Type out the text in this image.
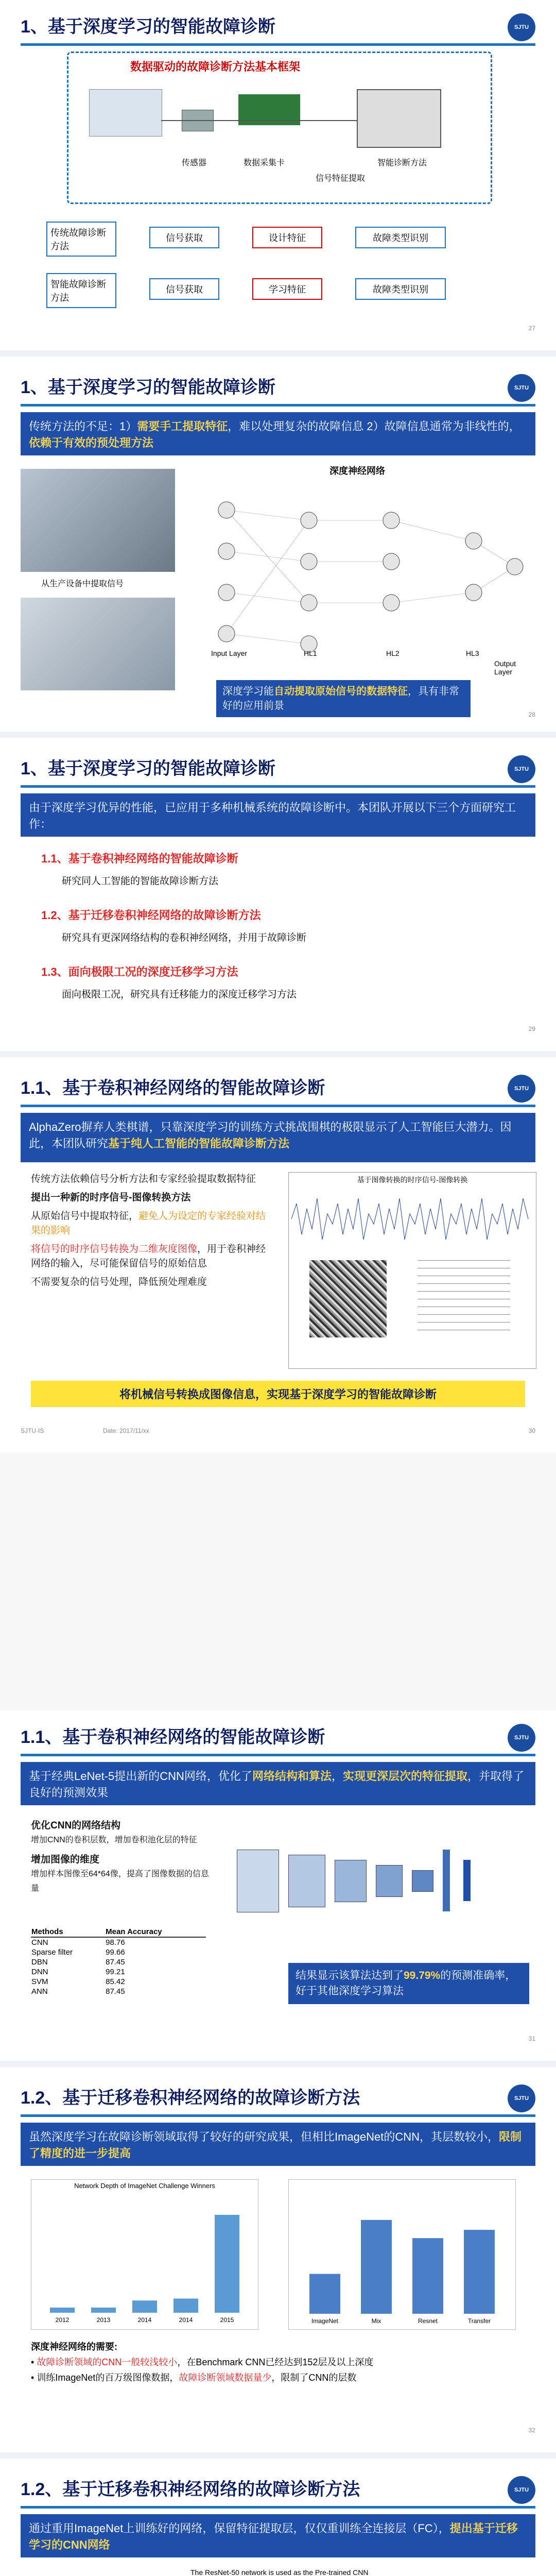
1、基于深度学习的智能故障诊断	SJTU
数据驱动的故障诊断方法基本框架
传感器	数据采集卡
信号特征提取
智能诊断方法
传统故障诊断方法
信号获取	设计特征	故障类型识别
智能故障诊断方法
信号获取	学习特征	故障类型识别
27
1、基于深度学习的智能故障诊断	SJTU
传统方法的不足：1）需要手工提取特征，难以处理复杂的故障信息 2）故障信息通常为非线性的，依赖于有效的预处理方法
从生产设备中提取信号
深度神经网络
Input Layer	HL1	HL2	HL3
Output Layer
深度学习能自动提取原始信号的数据特征，具有非常好的应用前景
28
1、基于深度学习的智能故障诊断	SJTU
由于深度学习优异的性能，已应用于多种机械系统的故障诊断中。本团队开展以下三个方面研究工作：
1.1、基于卷积神经网络的智能故障诊断
研究同人工智能的智能故障诊断方法
1.2、基于迁移卷积神经网络的故障诊断方法
研究具有更深网络结构的卷积神经网络，并用于故障诊断
1.3、面向极限工况的深度迁移学习方法
面向极限工况，研究具有迁移能力的深度迁移学习方法
29
1.1、基于卷积神经网络的智能故障诊断	SJTU
AlphaZero摒弃人类棋谱，只靠深度学习的训练方式挑战围棋的极限显示了人工智能巨大潜力。因此，本团队研究基于纯人工智能的智能故障诊断方法
传统方法依赖信号分析方法和专家经验提取数据特征
提出一种新的时序信号-图像转换方法
从原始信号中提取特征，避免人为设定的专家经验对结果的影响
将信号的时序信号转换为二维灰度图像，用于卷积神经网络的输入，尽可能保留信号的原始信息
不需要复杂的信号处理，降低预处理难度
基于图像转换的时序信号-图像转换
将机械信号转换成图像信息，实现基于深度学习的智能故障诊断
SJTU·IS	Date: 2017/11/xx	30
1.1、基于卷积神经网络的智能故障诊断	SJTU
基于经典LeNet-5提出新的CNN网络，优化了网络结构和算法，实现更深层次的特征提取，并取得了良好的预测效果
优化CNN的网络结构
增加CNN的卷积层数，增加卷积池化层的特征
增加图像的维度
增加样本图像至64*64像，提高了图像数据的信息量
Methods	Mean Accuracy
CNN	98.76
Sparse filter	99.66
DBN	87.45
DNN	99.21
SVM	85.42
ANN	87.45
结果显示该算法达到了99.79%的预测准确率，好于其他深度学习算法
31
1.2、基于迁移卷积神经网络的故障诊断方法	SJTU
虽然深度学习在故障诊断领域取得了较好的研究成果，但相比ImageNet的CNN，其层数较小，限制了精度的进一步提高
Network Depth of ImageNet Challenge Winners
2012	2013	2014	2014	2015	ImageNet	Mix	Resnet	Transfer
深度神经网络的需要:
• 故障诊断领域的CNN一般较浅较小，在Benchmark CNN已经达到152层及以上深度
• 训练ImageNet的百万级图像数据，故障诊断领域数据量少，限制了CNN的层数
32
1.2、基于迁移卷积神经网络的故障诊断方法	SJTU
通过重用ImageNet上训练好的网络，保留特征提取层，仅仅重训练全连接层（FC），提出基于迁移学习的CNN网络
The ResNet-50 network is used as the Pre-trained CNN
